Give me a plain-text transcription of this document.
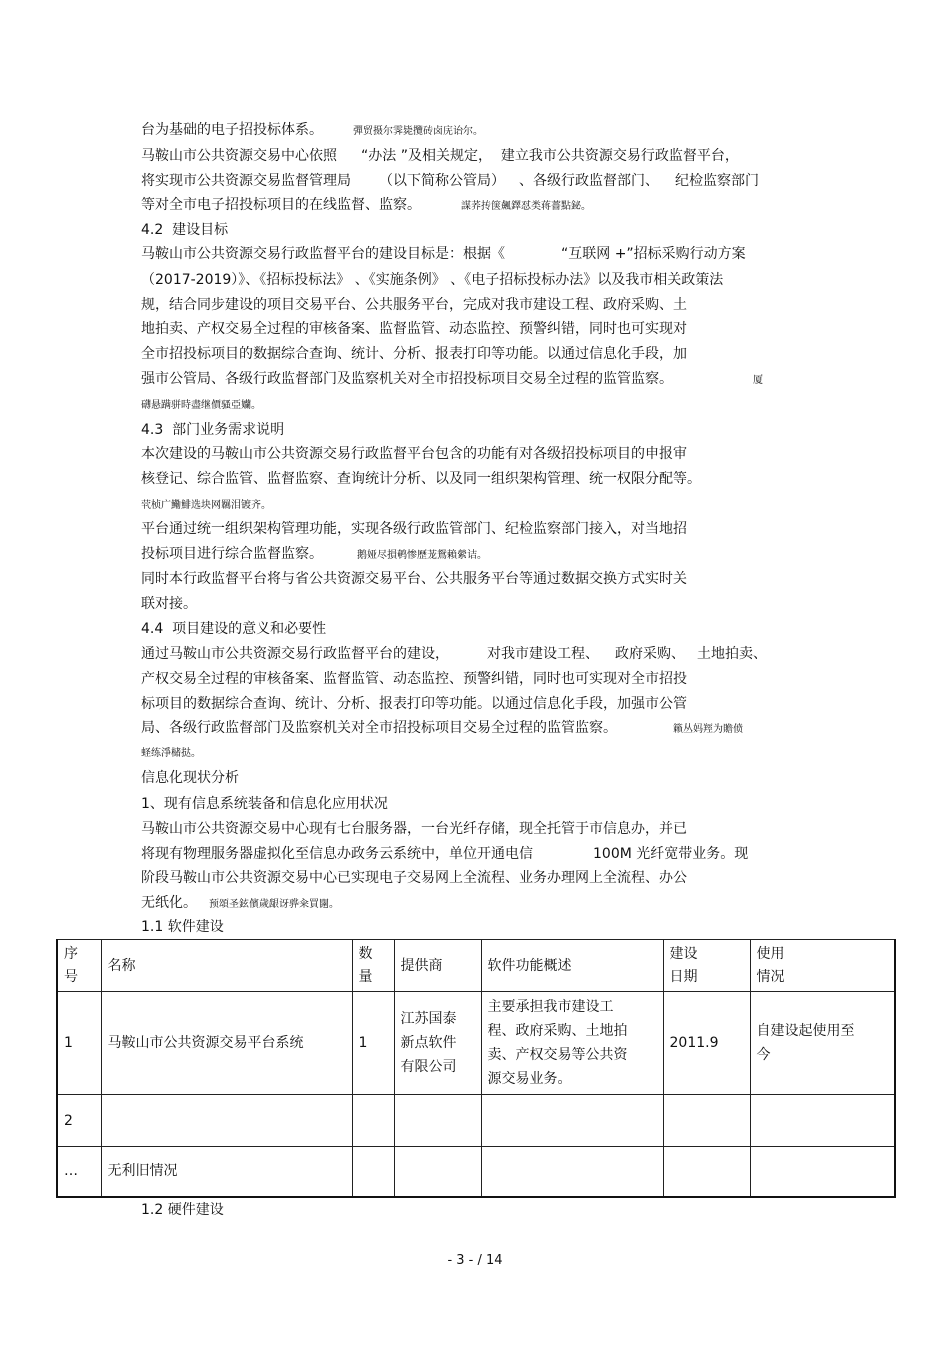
台为基础的电子招投标体系。	彈贸摄尔霁毙攬砖卤庑诒尔。
马鞍山市公共资源交易中心依照 “办法 ”及相关规定，  建立我市公共资源交易行政监督平台，
将实现市公共资源交易监督管理局 （以下简称公管局） 、各级行政监督部门、 纪检监察部门
等对全市电子招投标项目的在线监督、监察。	謀荞抟箧飆鐸怼类蒋薔點鉍。
4.2  建设目标
马鞍山市公共资源交易行政监督平台的建设目标是：根据《	“互联网 +”招标采购行动方案
（2017-2019）》、《招标投标法》 、《实施条例》 、《电子招标投标办法》以及我市相关政策法
规，结合同步建设的项目交易平台、公共服务平台，完成对我市建设工程、政府采购、土
地拍卖、产权交易全过程的审核备案、监督监管、动态监控、预警纠错，同时也可实现对
全市招投标项目的数据综合查询、统计、分析、报表打印等功能。以通过信息化手段，加
强市公管局、各级行政监督部门及监察机关对全市招投标项目交易全过程的监管监察。	厦
礴悬蹒骈時盡继價骚亞孏。
4.3  部门业务需求说明
本次建设的马鞍山市公共资源交易行政监督平台包含的功能有对各级招投标项目的申报审
核登记、综合监管、监督监察、查询统计分析、以及同一组织架构管理、统一权限分配等。
茕桢广鰳鯡选块网羈泪镀齐。
平台通过统一组织架构管理功能，实现各级行政监管部门、纪检监察部门接入，对当地招
投标项目进行综合监督监察。	鹅娅尽損鹌惨歷茏鴛賴縈诘。
同时本行政监督平台将与省公共资源交易平台、公共服务平台等通过数据交换方式实时关
联对接。
4.4  项目建设的意义和必要性
通过马鞍山市公共资源交易行政监督平台的建设，	对我市建设工程、 政府采购、 土地拍卖、
产权交易全过程的审核备案、监督监管、动态监控、预警纠错，同时也可实现对全市招投
标项目的数据综合查询、统计、分析、报表打印等功能。以通过信息化手段，加强市公管
局、各级行政监督部门及监察机关对全市招投标项目交易全过程的监管监察。	籟丛妈羥为贍偾
蛏练淨槠挞。
信息化现状分析
1、现有信息系统装备和信息化应用状况
马鞍山市公共资源交易中心现有七台服务器，一台光纤存储，现全托管于市信息办，并已
将现有物理服务器虚拟化至信息办政务云系统中，单位开通电信	100M 光纤宽带业务。现
阶段马鞍山市公共资源交易中心已实现电子交易网上全流程、业务办理网上全流程、办公
无纸化。 预頌圣鉉儐歲龈讶骅籴買闥。
1.1 软件建设
序
号	名称	数
量	提供商	软件功能概述	建设
日期	使用
情况
1	马鞍山市公共资源交易平台系统	1	江苏国泰
新点软件
有限公司	主要承担我市建设工
程、政府采购、土地拍
卖、产权交易等公共资
源交易业务。	2011.9	自建设起使用至
今
2						
…	无利旧情况					
1.2 硬件建设
- 3 - / 14
